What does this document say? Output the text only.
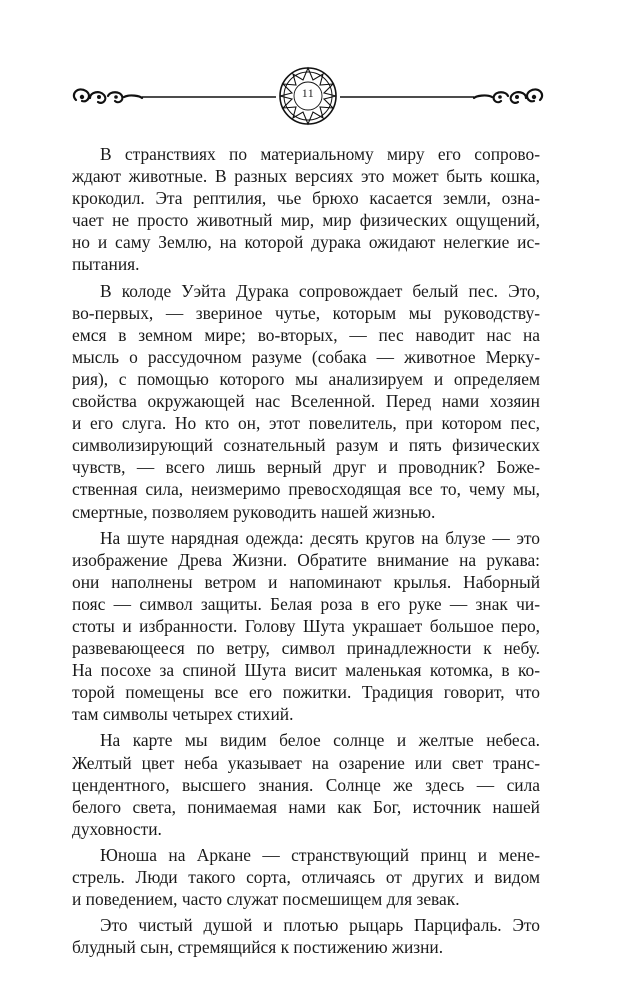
11

В странствиях по материальному миру его сопрово-
ждают животные. В разных версиях это может быть кошка,
крокодил. Эта рептилия, чье брюхо касается земли, озна-
чает не просто животный мир, мир физических ощущений,
но и саму Землю, на которой дурака ожидают нелегкие ис-
пытания.

В колоде Уэйта Дурака сопровождает белый пес. Это,
во-первых, — звериное чутье, которым мы руководству-
емся в земном мире; во-вторых, — пес наводит нас на
мысль о рассудочном разуме (собака — животное Мерку-
рия), с помощью которого мы анализируем и определяем
свойства окружающей нас Вселенной. Перед нами хозяин
и его слуга. Но кто он, этот повелитель, при котором пес,
символизирующий сознательный разум и пять физических
чувств, — всего лишь верный друг и проводник? Боже-
ственная сила, неизмеримо превосходящая все то, чему мы,
смертные, позволяем руководить нашей жизнью.

На шуте нарядная одежда: десять кругов на блузе — это
изображение Древа Жизни. Обратите внимание на рукава:
они наполнены ветром и напоминают крылья. Наборный
пояс — символ защиты. Белая роза в его руке — знак чи-
стоты и избранности. Голову Шута украшает большое перо,
развевающееся по ветру, символ принадлежности к небу.
На посохе за спиной Шута висит маленькая котомка, в ко-
торой помещены все его пожитки. Традиция говорит, что
там символы четырех стихий.

На карте мы видим белое солнце и желтые небеса.
Желтый цвет неба указывает на озарение или свет транс-
цендентного, высшего знания. Солнце же здесь — сила
белого света, понимаемая нами как Бог, источник нашей
духовности.

Юноша на Аркане — странствующий принц и мене-
стрель. Люди такого сорта, отличаясь от других и видом
и поведением, часто служат посмешищем для зевак.

Это чистый душой и плотью рыцарь Парцифаль. Это
блудный сын, стремящийся к постижению жизни.
